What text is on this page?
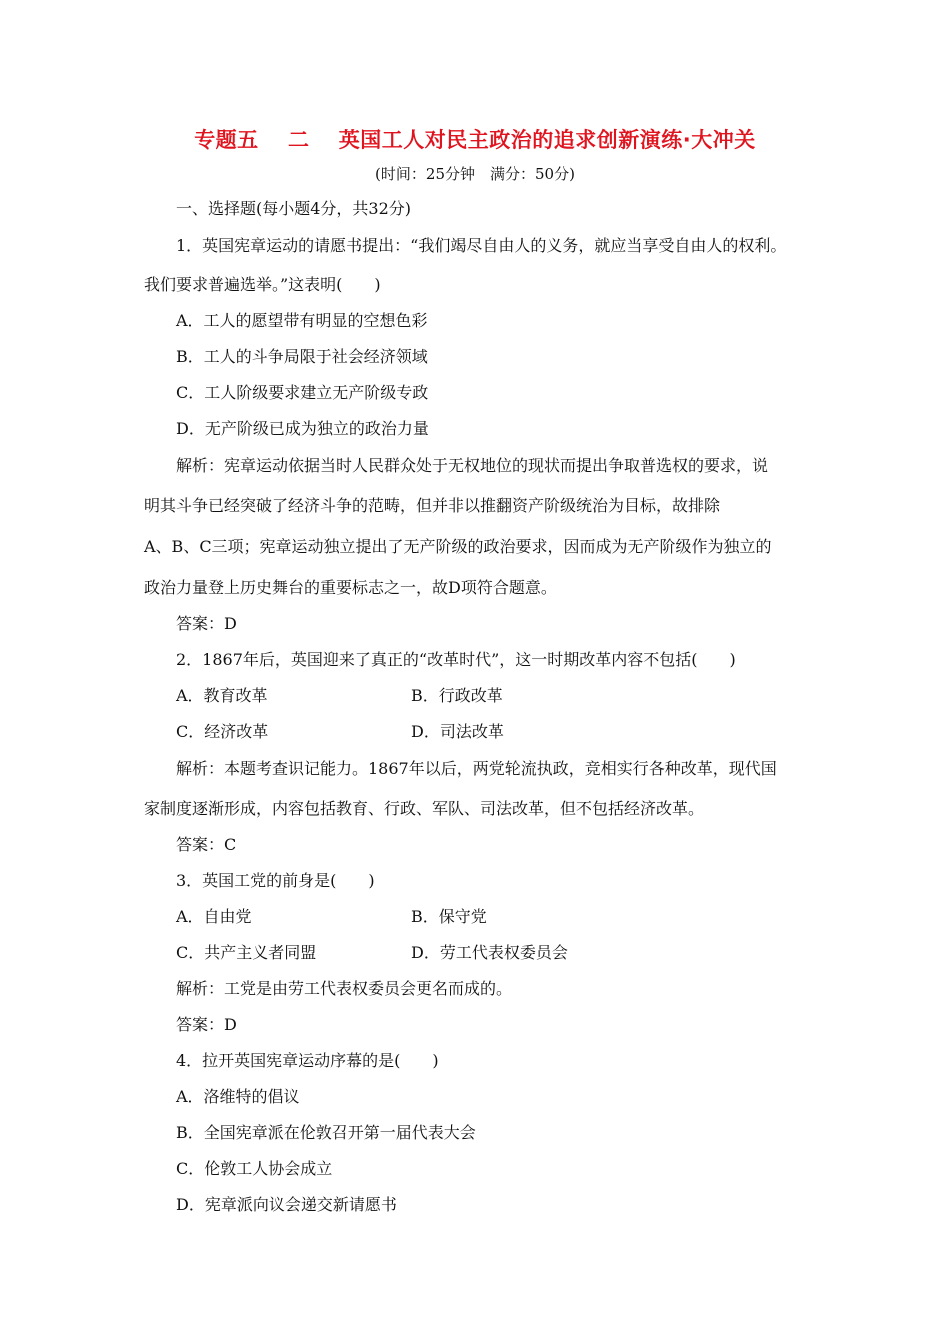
专题五　 二　 英国工人对民主政治的追求创新演练·大冲关
(时间：25分钟　满分：50分)
一、选择题(每小题4分，共32分)
1．英国宪章运动的请愿书提出：“我们竭尽自由人的义务，就应当享受自由人的权利。
我们要求普遍选举。”这表明(　　)
A．工人的愿望带有明显的空想色彩
B．工人的斗争局限于社会经济领域
C．工人阶级要求建立无产阶级专政
D．无产阶级已成为独立的政治力量
解析：宪章运动依据当时人民群众处于无权地位的现状而提出争取普选权的要求，说
明其斗争已经突破了经济斗争的范畴，但并非以推翻资产阶级统治为目标，故排除
A、B、C三项；宪章运动独立提出了无产阶级的政治要求，因而成为无产阶级作为独立的
政治力量登上历史舞台的重要标志之一，故D项符合题意。
答案：D
2．1867年后，英国迎来了真正的“改革时代”，这一时期改革内容不包括(　　)
A．教育改革	B．行政改革
C．经济改革	D．司法改革
解析：本题考查识记能力。1867年以后，两党轮流执政，竞相实行各种改革，现代国
家制度逐渐形成，内容包括教育、行政、军队、司法改革，但不包括经济改革。
答案：C
3．英国工党的前身是(　　)
A．自由党	B．保守党
C．共产主义者同盟	D．劳工代表权委员会
解析：工党是由劳工代表权委员会更名而成的。
答案：D
4．拉开英国宪章运动序幕的是(　　)
A．洛维特的倡议
B．全国宪章派在伦敦召开第一届代表大会
C．伦敦工人协会成立
D．宪章派向议会递交新请愿书
